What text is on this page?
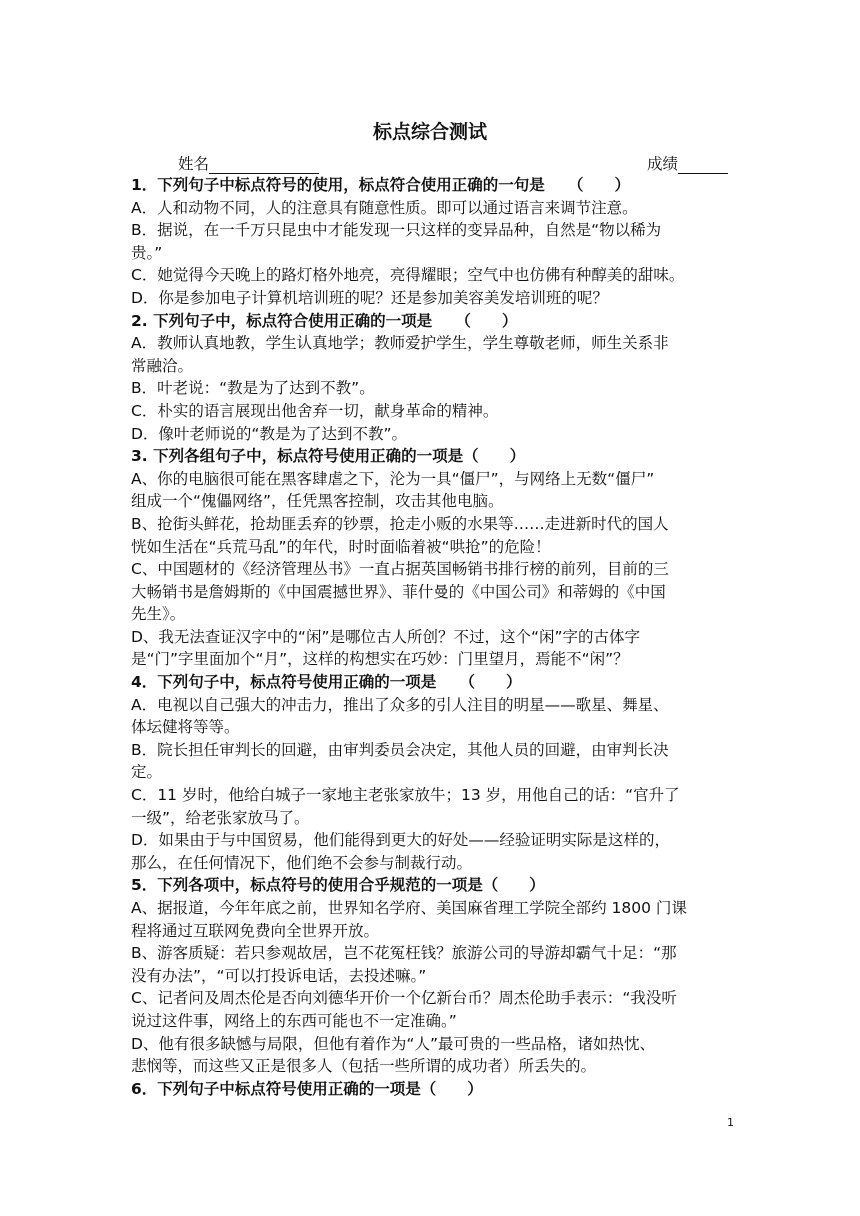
标点综合测试
姓名	成绩
1．下列句子中标点符号的使用，标点符合使用正确的一句是　　（　　）
A．人和动物不同，人的注意具有随意性质。即可以通过语言来调节注意。
B．据说，在一千万只昆虫中才能发现一只这样的变异品种，自然是“物以稀为
贵。”
C．她觉得今天晚上的路灯格外地亮，亮得耀眼；空气中也仿佛有种醇美的甜味。
D．你是参加电子计算机培训班的呢？还是参加美容美发培训班的呢？
2. 下列句子中，标点符合使用正确的一项是　　（　　）
A．教师认真地教，学生认真地学；教师爱护学生，学生尊敬老师，师生关系非
常融洽。
B．叶老说：“教是为了达到不教”。
C．朴实的语言展现出他舍弃一切，献身革命的精神。
D．像叶老师说的“教是为了达到不教”。
3. 下列各组句子中，标点符号使用正确的一项是（　　）
A、你的电脑很可能在黑客肆虐之下，沦为一具“僵尸”，与网络上无数“僵尸”
组成一个“傀儡网络”，任凭黑客控制，攻击其他电脑。
B、抢街头鲜花，抢劫匪丢弃的钞票，抢走小贩的水果等……走进新时代的国人
恍如生活在“兵荒马乱”的年代，时时面临着被“哄抢”的危险！
C、中国题材的《经济管理丛书》一直占据英国畅销书排行榜的前列，目前的三
大畅销书是詹姆斯的《中国震撼世界》、菲什曼的《中国公司》和蒂姆的《中国
先生》。
D、我无法查证汉字中的“闲”是哪位古人所创？不过，这个“闲”字的古体字
是“门”字里面加个“月”，这样的构想实在巧妙：门里望月，焉能不“闲”？
4．下列句子中，标点符号使用正确的一项是　　（　　）
A．电视以自己强大的冲击力，推出了众多的引人注目的明星——歌星、舞星、
体坛健将等等。
B．院长担任审判长的回避，由审判委员会决定，其他人员的回避，由审判长决
定。
C．11 岁时，他给白城子一家地主老张家放牛；13 岁，用他自己的话：“官升了
一级”，给老张家放马了。
D．如果由于与中国贸易，他们能得到更大的好处——经验证明实际是这样的，
那么，在任何情况下，他们绝不会参与制裁行动。
5．下列各项中，标点符号的使用合乎规范的一项是（　　）
A、据报道，今年年底之前，世界知名学府、美国麻省理工学院全部约 1800 门课
程将通过互联网免费向全世界开放。
B、游客质疑：若只参观故居，岂不花冤枉钱？旅游公司的导游却霸气十足：“那
没有办法”，“可以打投诉电话，去投述嘛。”
C、记者问及周杰伦是否向刘德华开价一个亿新台币？周杰伦助手表示：“我没听
说过这件事，网络上的东西可能也不一定准确。”
D、他有很多缺憾与局限，但他有着作为“人”最可贵的一些品格，诸如热忱、
悲悯等，而这些又正是很多人（包括一些所谓的成功者）所丢失的。
6．下列句子中标点符号使用正确的一项是（　　）
1
